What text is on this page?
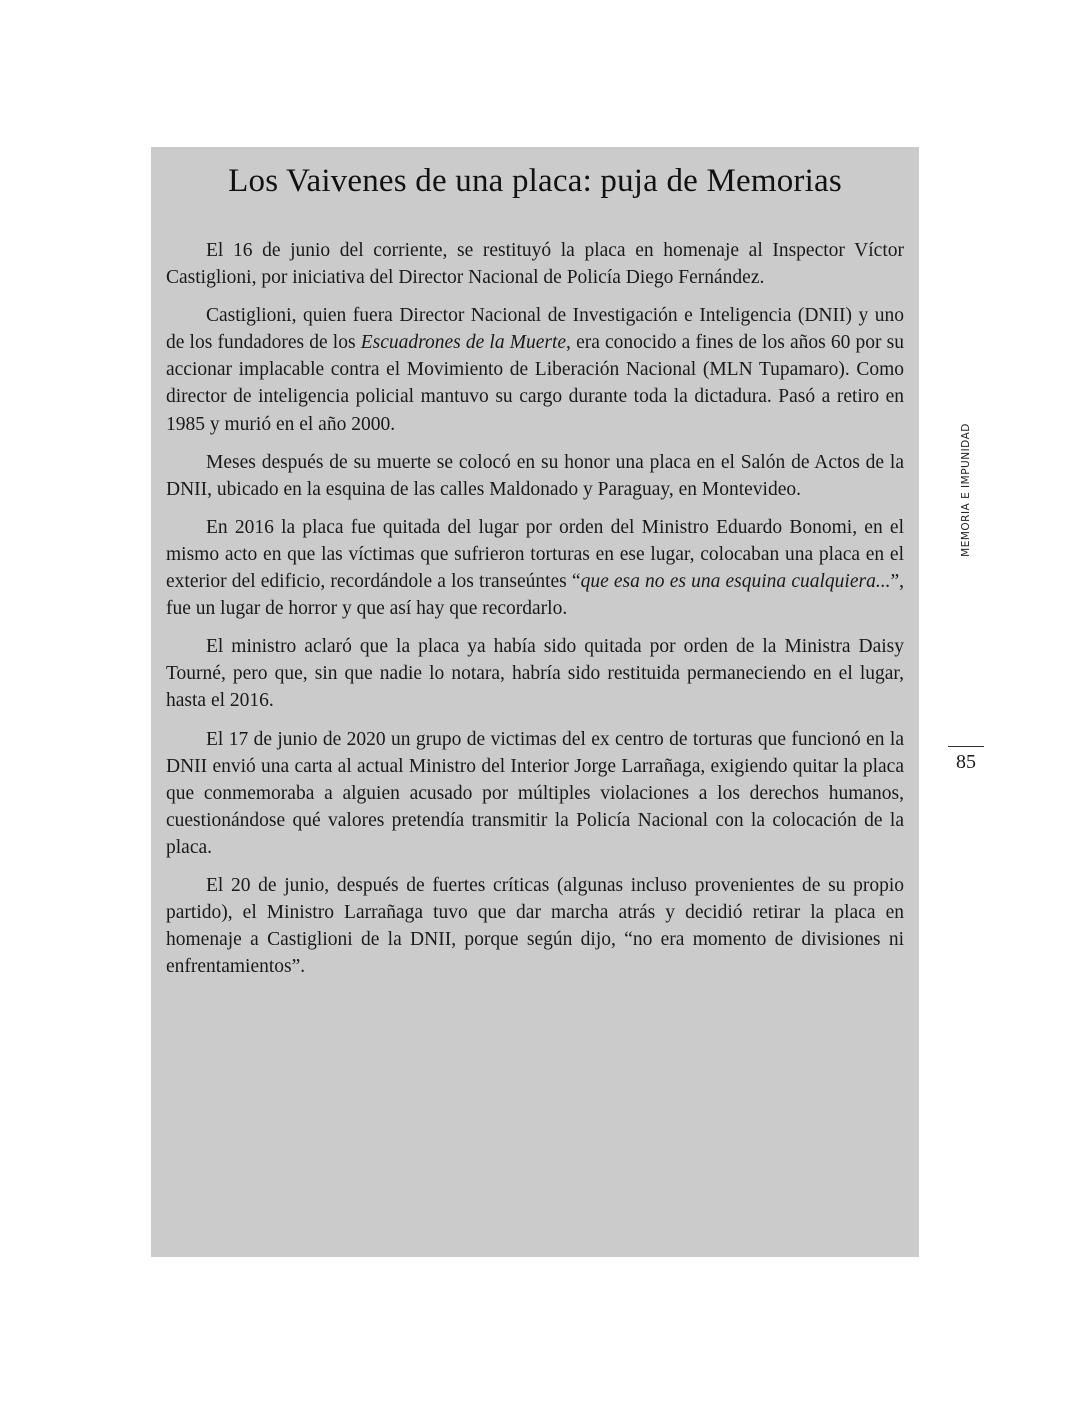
Los Vaivenes de una placa: puja de Memorias

El 16 de junio del corriente, se restituyó la placa en homenaje al Inspector Víctor Castiglioni, por iniciativa del Director Nacional de Policía Diego Fernández.

Castiglioni, quien fuera Director Nacional de Investigación e Inteligencia (DNII) y uno de los fundadores de los Escuadrones de la Muerte, era conocido a fines de los años 60 por su accionar implacable contra el Movimiento de Liberación Nacional (MLN Tupamaro). Como director de inteligencia policial mantuvo su cargo durante toda la dictadura. Pasó a retiro en 1985 y murió en el año 2000.

Meses después de su muerte se colocó en su honor una placa en el Salón de Actos de la DNII, ubicado en la esquina de las calles Maldonado y Paraguay, en Montevideo.

En 2016 la placa fue quitada del lugar por orden del Ministro Eduardo Bonomi, en el mismo acto en que las víctimas que sufrieron torturas en ese lugar, colocaban una placa en el exterior del edificio, recordándole a los transeúntes “que esa no es una esquina cualquiera...”, fue un lugar de horror y que así hay que recordarlo.

El ministro aclaró que la placa ya había sido quitada por orden de la Ministra Daisy Tourné, pero que, sin que nadie lo notara, habría sido restituida permaneciendo en el lugar, hasta el 2016.

El 17 de junio de 2020 un grupo de victimas del ex centro de torturas que funcionó en la DNII envió una carta al actual Ministro del Interior Jorge Larrañaga, exigiendo quitar la placa que conmemoraba a alguien acusado por múltiples violaciones a los derechos humanos, cuestionándose qué valores pretendía transmitir la Policía Nacional con la colocación de la placa.

El 20 de junio, después de fuertes críticas (algunas incluso provenientes de su propio partido), el Ministro Larrañaga tuvo que dar marcha atrás y decidió retirar la placa en homenaje a Castiglioni de la DNII, porque según dijo, “no era momento de divisiones ni enfrentamientos”.

MEMORIA E IMPUNIDAD
85
